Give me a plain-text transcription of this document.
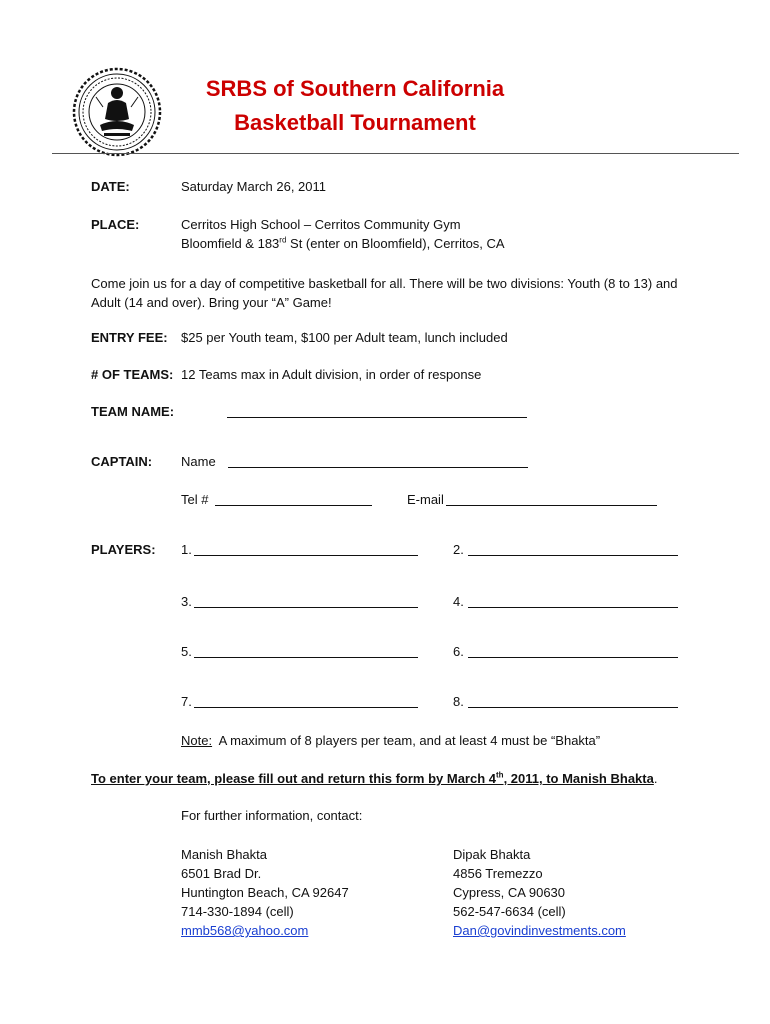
SRBS of Southern California
Basketball Tournament
DATE:	Saturday March 26, 2011
PLACE:	Cerritos High School – Cerritos Community Gym
Bloomfield & 183rd St (enter on Bloomfield), Cerritos, CA
Come join us for a day of competitive basketball for all. There will be two divisions: Youth (8 to 13) and Adult (14 and over). Bring your “A” Game!
ENTRY FEE: $25 per Youth team, $100 per Adult team, lunch included
# OF TEAMS: 12 Teams max in Adult division, in order of response
TEAM NAME:
CAPTAIN: Name
Tel #	E-mail
PLAYERS: 1.	2.
3.	4.
5.	6.
7.	8.
Note:  A maximum of 8 players per team, and at least 4 must be “Bhakta”
To enter your team, please fill out and return this form by March 4th, 2011, to Manish Bhakta.
For further information, contact:
Manish Bhakta
6501 Brad Dr.
Huntington Beach, CA 92647
714-330-1894 (cell)
mmb568@yahoo.com
Dipak Bhakta
4856 Tremezzo
Cypress, CA 90630
562-547-6634 (cell)
Dan@govindinvestments.com
